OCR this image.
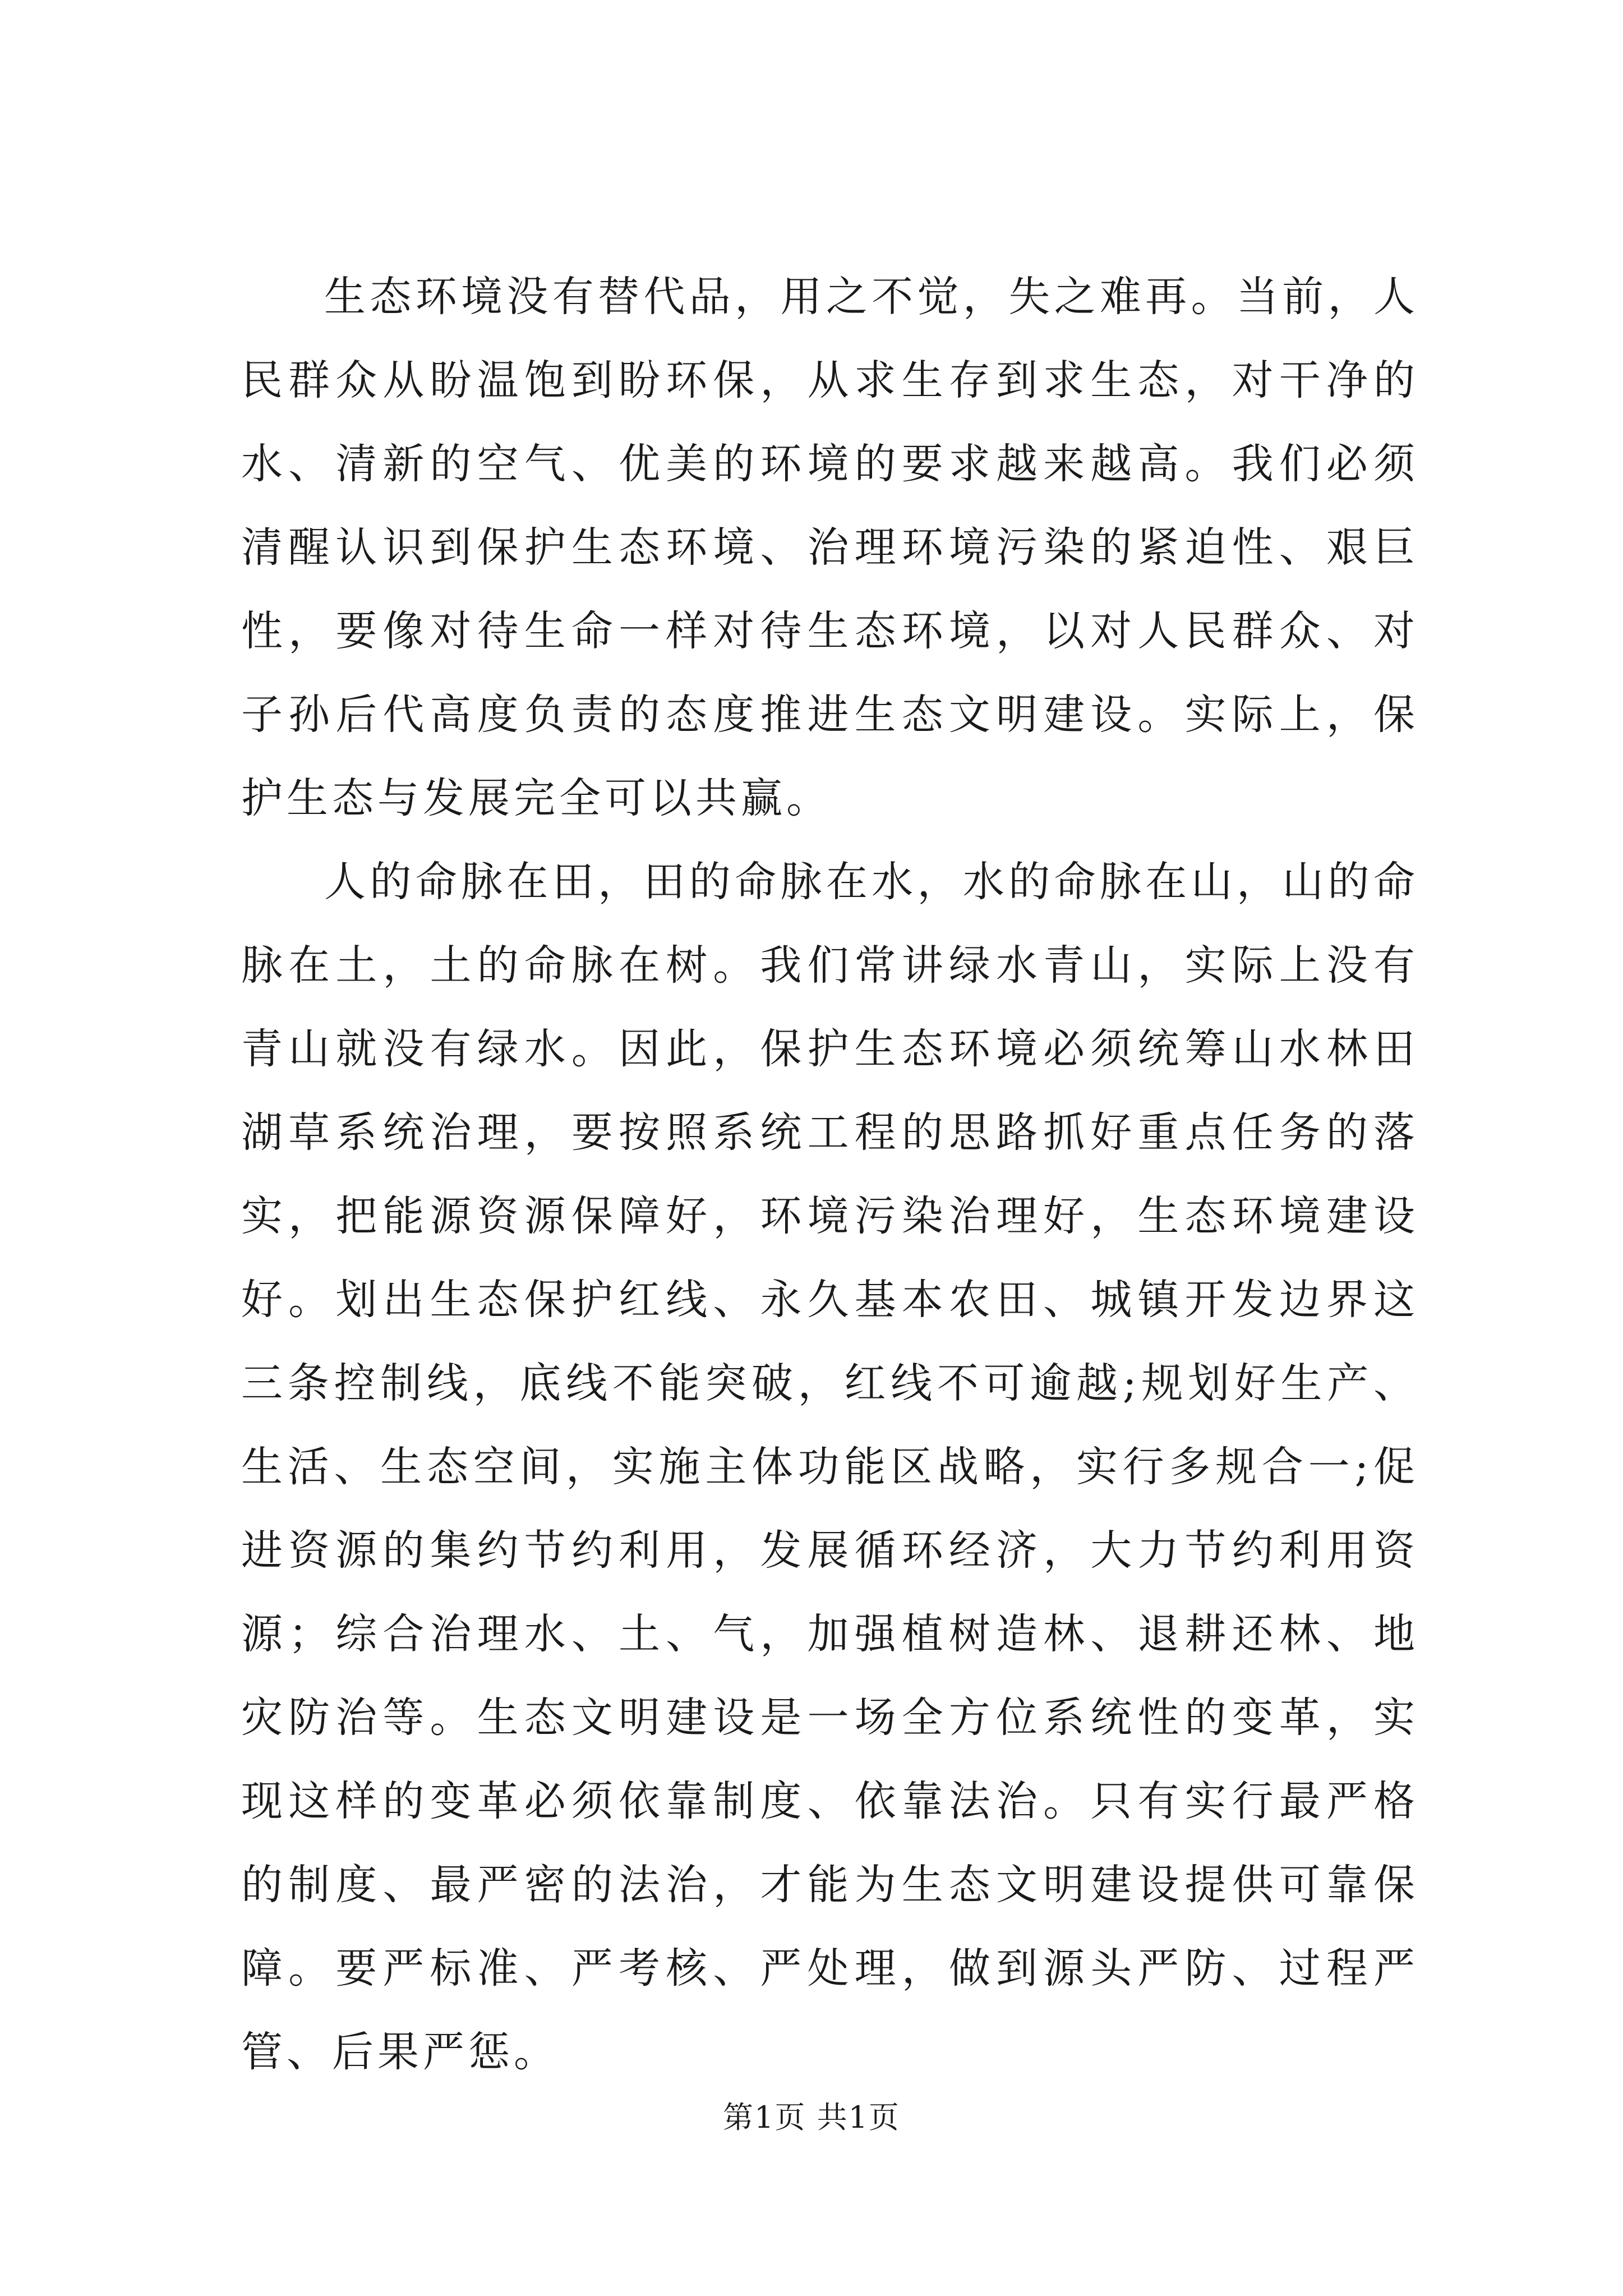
生态环境没有替代品，用之不觉，失之难再。当前，人民群众从盼温饱到盼环保，从求生存到求生态，对干净的水、清新的空气、优美的环境的要求越来越高。我们必须清醒认识到保护生态环境、治理环境污染的紧迫性、艰巨性，要像对待生命一样对待生态环境，以对人民群众、对子孙后代高度负责的态度推进生态文明建设。实际上，保护生态与发展完全可以共赢。

人的命脉在田，田的命脉在水，水的命脉在山，山的命脉在土，土的命脉在树。我们常讲绿水青山，实际上没有青山就没有绿水。因此，保护生态环境必须统筹山水林田湖草系统治理，要按照系统工程的思路抓好重点任务的落实，把能源资源保障好，环境污染治理好，生态环境建设好。划出生态保护红线、永久基本农田、城镇开发边界这三条控制线，底线不能突破，红线不可逾越;规划好生产、生活、生态空间，实施主体功能区战略，实行多规合一;促进资源的集约节约利用，发展循环经济，大力节约利用资源；综合治理水、土、气，加强植树造林、退耕还林、地灾防治等。生态文明建设是一场全方位系统性的变革，实现这样的变革必须依靠制度、依靠法治。只有实行最严格的制度、最严密的法治，才能为生态文明建设提供可靠保障。要严标准、严考核、严处理，做到源头严防、过程严管、后果严惩。

第1页 共1页
